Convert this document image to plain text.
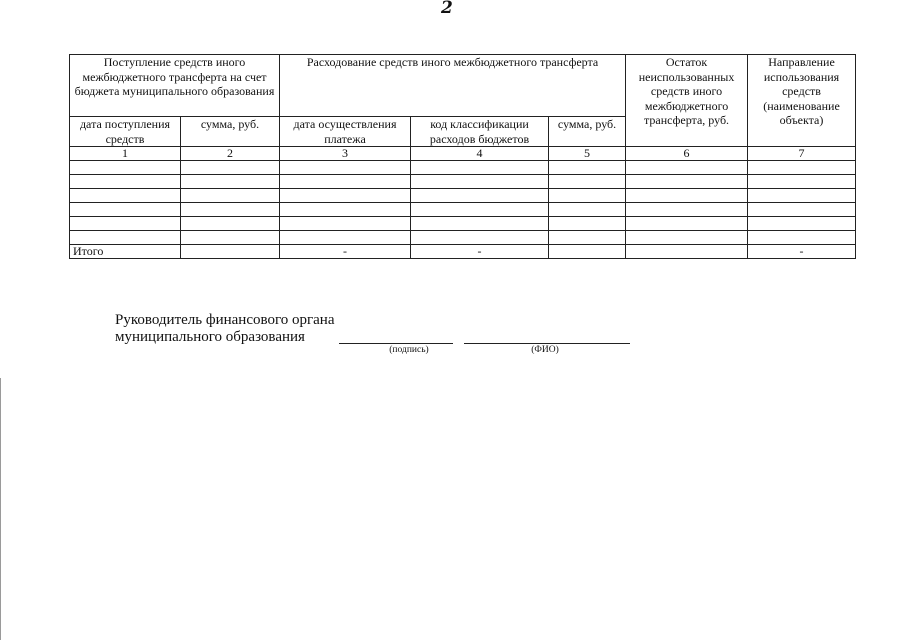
2
Поступление средств иного межбюджетного трансферта на счет бюджета муниципального образования		Расходование средств иного межбюджетного трансферта			Остаток неиспользованных средств иного межбюджетного трансферта, руб.	Направление использования средств (наименование объекта)
дата поступления средств	сумма, руб.	дата осуществления платежа	код классификации расходов бюджетов	сумма, руб.		
1	2	3	4	5	6	7

Итого		-	-			-
Руководитель финансового органа
муниципального образования
(подпись)	(ФИО)
